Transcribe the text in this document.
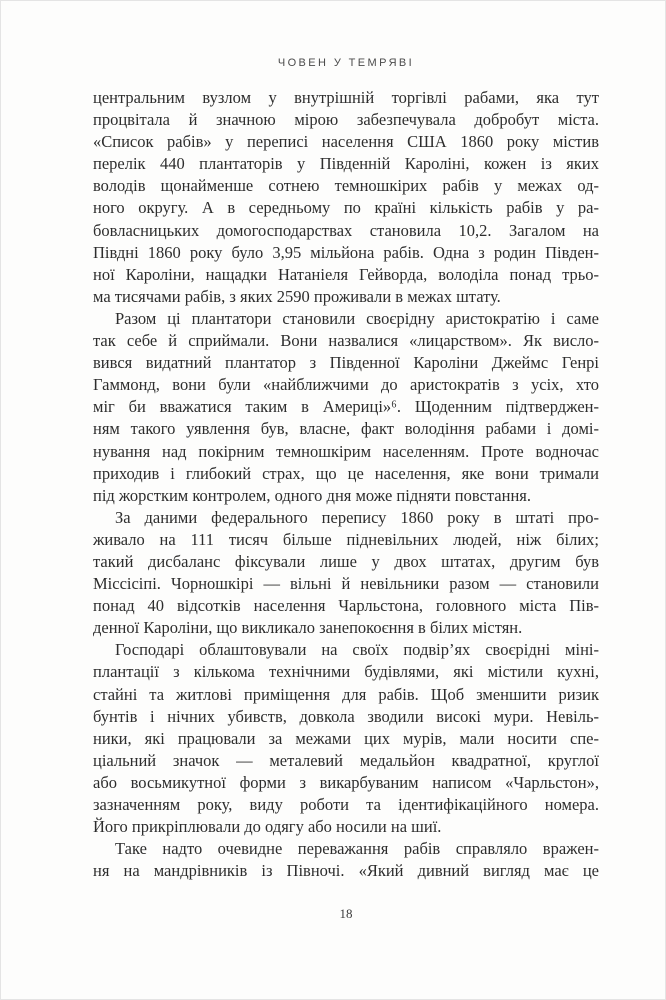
ЧОВЕН У ТЕМРЯВІ
центральним вузлом у внутрішній торгівлі рабами, яка тут
процвітала й значною мірою забезпечувала добробут міста.
«Список рабів» у переписі населення США 1860 року містив
перелік 440 плантаторів у Південній Кароліні, кожен із яких
володів щонайменше сотнею темношкірих рабів у межах од-
ного округу. А в середньому по країні кількість рабів у ра-
бовласницьких домогосподарствах становила 10,2. Загалом на
Півдні 1860 року було 3,95 мільйона рабів. Одна з родин Півден-
ної Кароліни, нащадки Натаніеля Гейворда, володіла понад трьо-
ма тисячами рабів, з яких 2590 проживали в межах штату.
Разом ці плантатори становили своєрідну аристократію і саме
так себе й сприймали. Вони назвалися «лицарством». Як висло-
вився видатний плантатор з Південної Кароліни Джеймс Генрі
Гаммонд, вони були «найближчими до аристократів з усіх, хто
міг би вважатися таким в Америці»⁶. Щоденним підтверджен-
ням такого уявлення був, власне, факт володіння рабами і домі-
нування над покірним темношкірим населенням. Проте водночас
приходив і глибокий страх, що це населення, яке вони тримали
під жорстким контролем, одного дня може підняти повстання.
За даними федерального перепису 1860 року в штаті про-
живало на 111 тисяч більше підневільних людей, ніж білих;
такий дисбаланс фіксували лише у двох штатах, другим був
Міссісіпі. Чорношкірі — вільні й невільники разом — становили
понад 40 відсотків населення Чарльстона, головного міста Пів-
денної Кароліни, що викликало занепокоєння в білих містян.
Господарі облаштовували на своїх подвір’ях своєрідні міні-
плантації з кількома технічними будівлями, які містили кухні,
стайні та житлові приміщення для рабів. Щоб зменшити ризик
бунтів і нічних убивств, довкола зводили високі мури. Невіль-
ники, які працювали за межами цих мурів, мали носити спе-
ціальний значок — металевий медальйон квадратної, круглої
або восьмикутної форми з викарбуваним написом «Чарльстон»,
зазначенням року, виду роботи та ідентифікаційного номера.
Його прикріплювали до одягу або носили на шиї.
Таке надто очевидне переважання рабів справляло вражен-
ня на мандрівників із Півночі. «Який дивний вигляд має це
18
